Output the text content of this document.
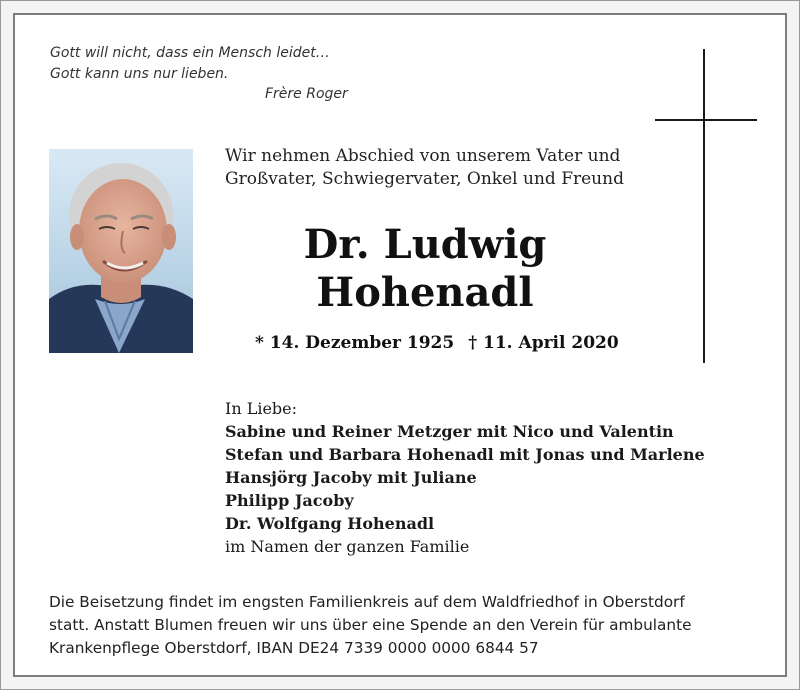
Gott will nicht, dass ein Mensch leidet…
Gott kann uns nur lieben.
Frère Roger
Wir nehmen Abschied von unserem Vater und
Großvater, Schwiegervater, Onkel und Freund
Dr. Ludwig
Hohenadl
* 14. Dezember 1925 † 11. April 2020
In Liebe:
Sabine und Reiner Metzger mit Nico und Valentin
Stefan und Barbara Hohenadl mit Jonas und Marlene
Hansjörg Jacoby mit Juliane
Philipp Jacoby
Dr. Wolfgang Hohenadl
im Namen der ganzen Familie
Die Beisetzung findet im engsten Familienkreis auf dem Waldfriedhof in Oberstdorf
statt. Anstatt Blumen freuen wir uns über eine Spende an den Verein für ambulante
Krankenpflege Oberstdorf, IBAN DE24 7339 0000 0000 6844 57
